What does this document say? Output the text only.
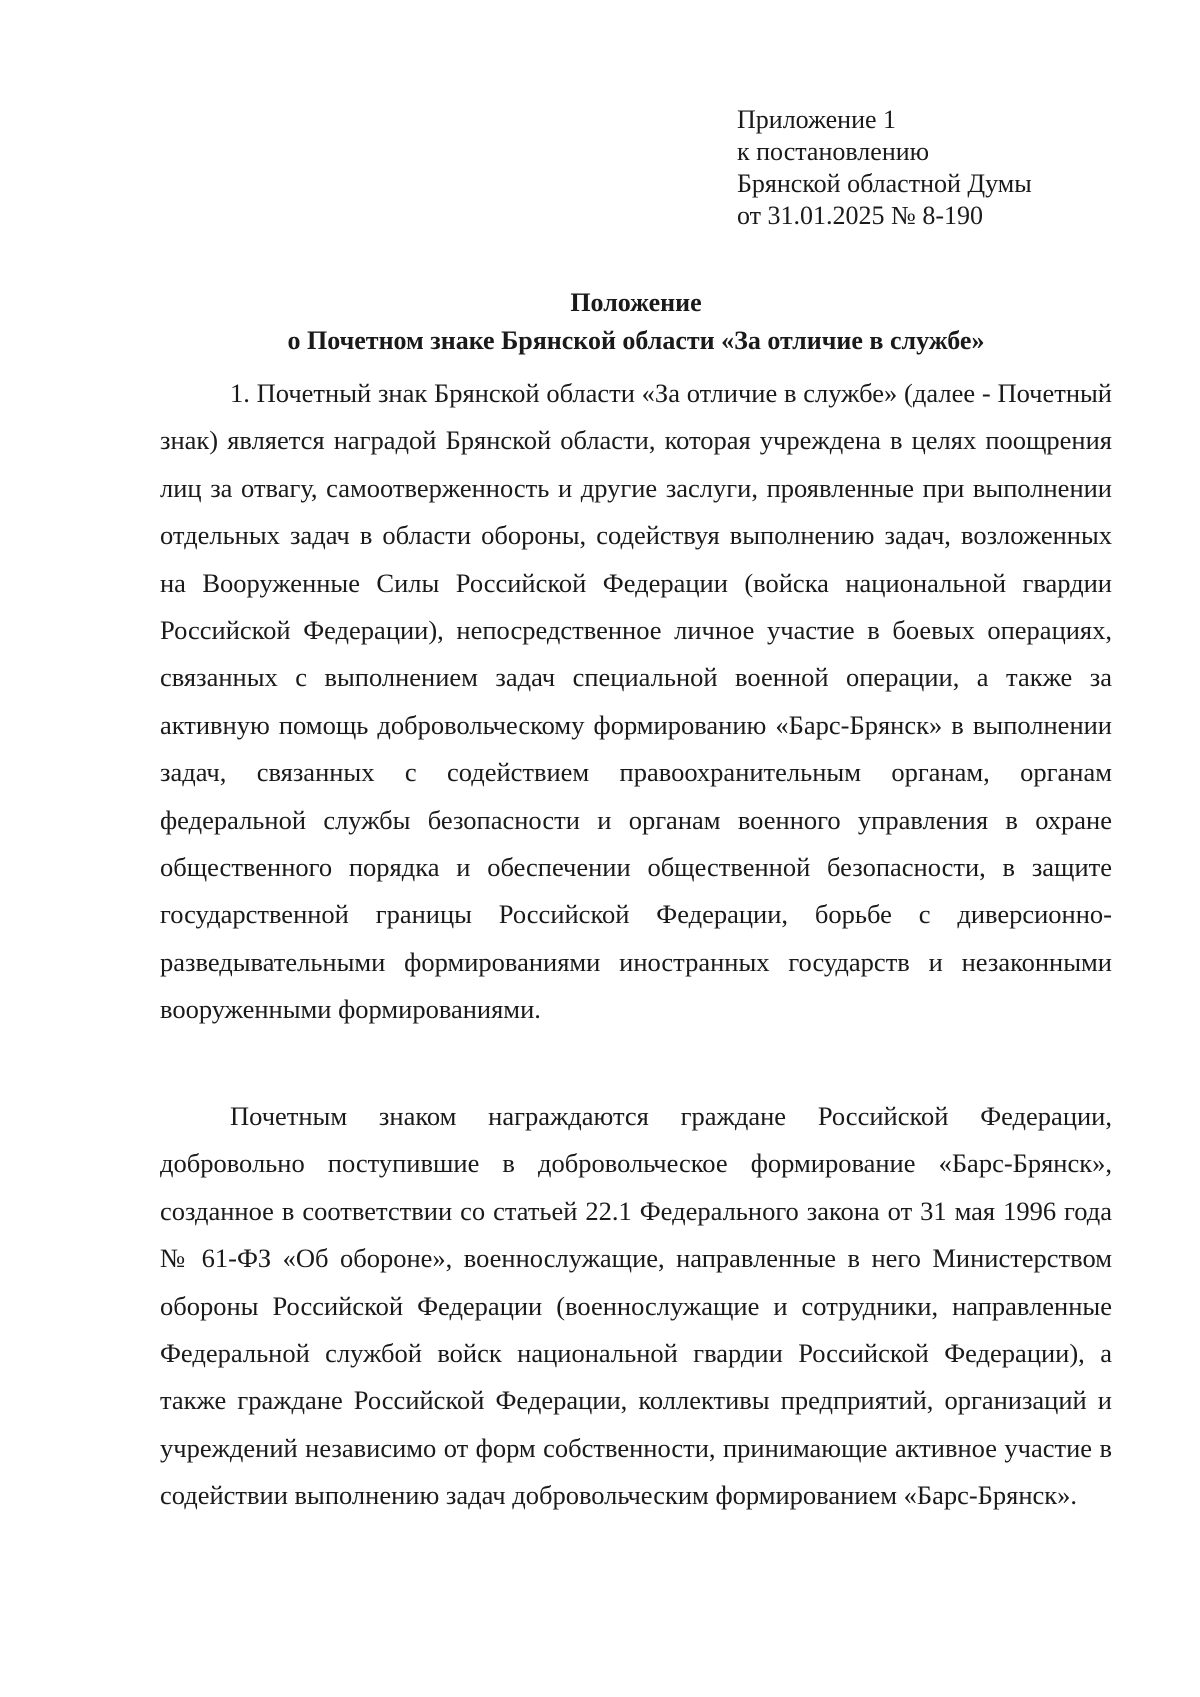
Приложение 1
к постановлению
Брянской областной Думы
от 31.01.2025 № 8-190
Положение
о Почетном знаке Брянской области «За отличие в службе»

1. Почетный знак Брянской области «За отличие в службе» (далее - Почетный знак) является наградой Брянской области, которая учреждена в целях поощрения лиц за отвагу, самоотверженность и другие заслуги, проявленные при выполнении отдельных задач в области обороны, содействуя выполнению задач, возложенных на Вооруженные Силы Российской Федерации (войска национальной гвардии Российской Федерации), непосредственное личное участие в боевых операциях, связанных с выполнением задач специальной военной операции, а также за активную помощь добровольческому формированию «Барс-Брянск» в выполнении задач, связанных с содействием правоохранительным органам, органам федеральной службы безопасности и органам военного управления в охране общественного порядка и обеспечении общественной безопасности, в защите государственной границы Российской Федерации, борьбе с диверсионно-разведывательными формированиями иностранных государств и незаконными вооруженными формированиями.

Почетным знаком награждаются граждане Российской Федерации, добровольно поступившие в добровольческое формирование «Барс-Брянск», созданное в соответствии со статьей 22.1 Федерального закона от 31 мая 1996 года № 61-ФЗ «Об обороне», военнослужащие, направленные в него Министерством обороны Российской Федерации (военнослужащие и сотрудники, направленные Федеральной службой войск национальной гвардии Российской Федерации), а также граждане Российской Федерации, коллективы предприятий, организаций и учреждений независимо от форм собственности, принимающие активное участие в содействии выполнению задач добровольческим формированием «Барс-Брянск».
